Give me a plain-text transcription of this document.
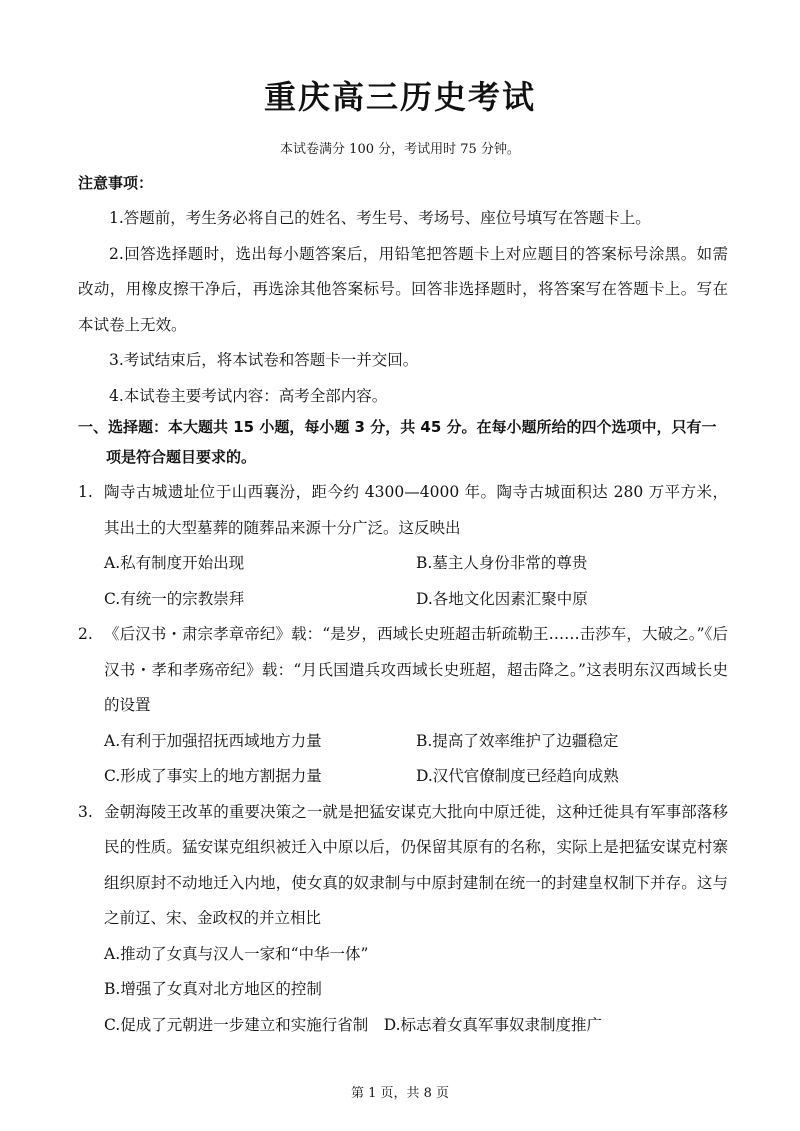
重庆高三历史考试
本试卷满分 100 分，考试用时 75 分钟。
注意事项：

1.答题前，考生务必将自己的姓名、考生号、考场号、座位号填写在答题卡上。

2.回答选择题时，选出每小题答案后，用铅笔把答题卡上对应题目的答案标号涂黑。如需改动，用橡皮擦干净后，再选涂其他答案标号。回答非选择题时，将答案写在答题卡上。写在本试卷上无效。

3.考试结束后，将本试卷和答题卡一并交回。

4.本试卷主要考试内容：高考全部内容。

一、选择题：本大题共 15 小题，每小题 3 分，共 45 分。在每小题所给的四个选项中，只有一项是符合题目要求的。
1. 陶寺古城遗址位于山西襄汾，距今约 4300—4000 年。陶寺古城面积达 280 万平方米，其出土的大型墓葬的随葬品来源十分广泛。这反映出
A.私有制度开始出现	B.墓主人身份非常的尊贵
C.有统一的宗教崇拜	D.各地文化因素汇聚中原
2. 《后汉书・肃宗孝章帝纪》载：“是岁，西域长史班超击斩疏勒王……击莎车，大破之。”《后汉书・孝和孝殇帝纪》载：“月氏国遣兵攻西域长史班超，超击降之。”这表明东汉西域长史的设置
A.有利于加强招抚西域地方力量	B.提高了效率维护了边疆稳定
C.形成了事实上的地方割据力量	D.汉代官僚制度已经趋向成熟
3. 金朝海陵王改革的重要决策之一就是把猛安谋克大批向中原迁徙，这种迁徙具有军事部落移民的性质。猛安谋克组织被迁入中原以后，仍保留其原有的名称，实际上是把猛安谋克村寨组织原封不动地迁入内地，使女真的奴隶制与中原封建制在统一的封建皇权制下并存。这与之前辽、宋、金政权的并立相比
A.推动了女真与汉人一家和“中华一体”
B.增强了女真对北方地区的控制
C.促成了元朝进一步建立和实施行省制　D.标志着女真军事奴隶制度推广
第 1 页，共 8 页
